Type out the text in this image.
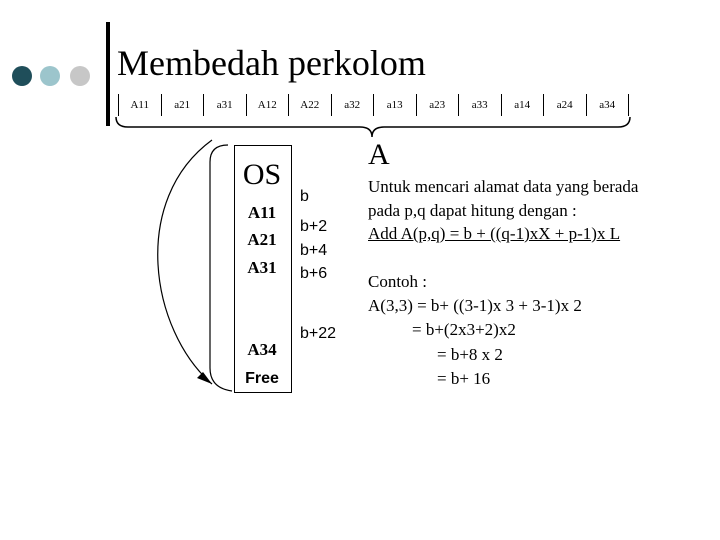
Membedah perkolom
A11	a21	a31	A12	A22	a32	a13	a23	a33	a14	a24	a34
OS
A11
A21
A31
A34
Free
b
b+2
b+4
b+6
b+22
A
Untuk mencari alamat data yang berada
pada p,q dapat hitung dengan :
Add A(p,q) = b + ((q-1)xX + p-1)x L
Contoh :
A(3,3) = b+ ((3-1)x 3 + 3-1)x 2
= b+(2x3+2)x2
= b+8 x 2
= b+ 16
